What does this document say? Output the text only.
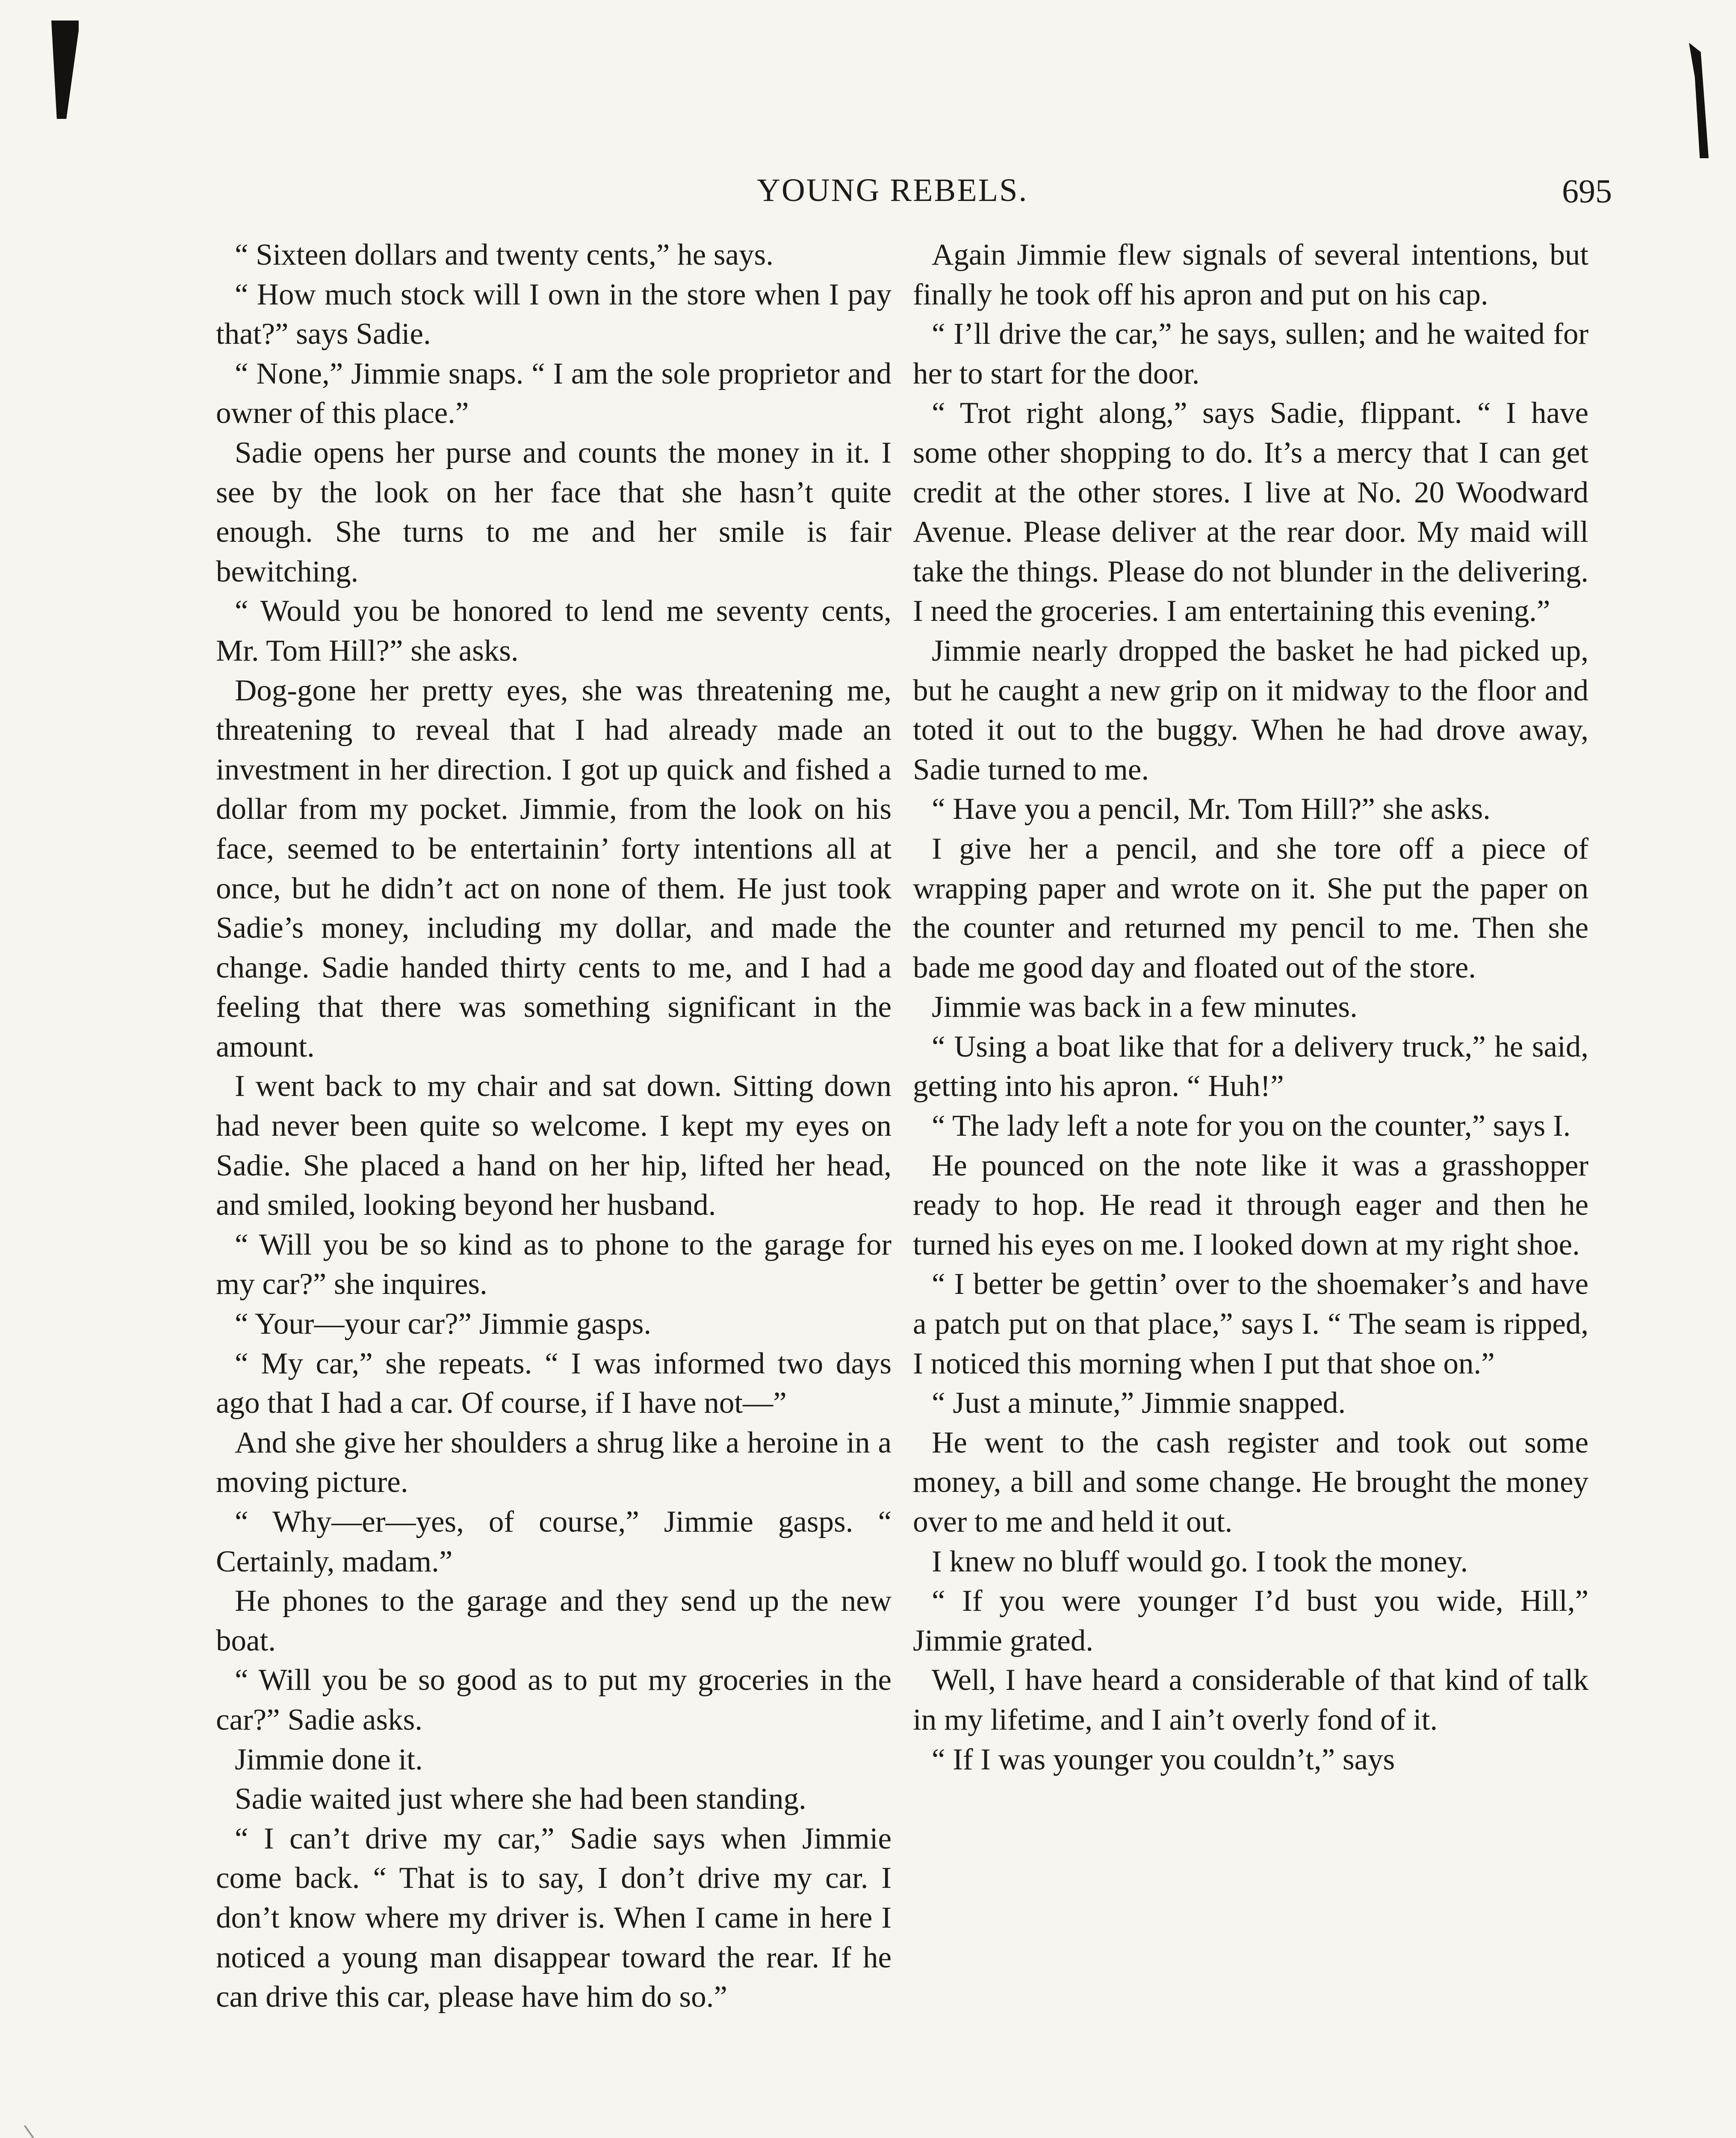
YOUNG REBELS.	695

“ Sixteen dollars and twenty cents,” he says.

“ How much stock will I own in the store when I pay that?” says Sadie.

“ None,” Jimmie snaps. “ I am the sole proprietor and owner of this place.”

Sadie opens her purse and counts the money in it. I see by the look on her face that she hasn’t quite enough. She turns to me and her smile is fair bewitching.

“ Would you be honored to lend me seventy cents, Mr. Tom Hill?” she asks.

Dog-gone her pretty eyes, she was threatening me, threatening to reveal that I had already made an investment in her direction. I got up quick and fished a dollar from my pocket. Jimmie, from the look on his face, seemed to be entertainin’ forty intentions all at once, but he didn’t act on none of them. He just took Sadie’s money, including my dollar, and made the change. Sadie handed thirty cents to me, and I had a feeling that there was something significant in the amount.

I went back to my chair and sat down. Sitting down had never been quite so welcome. I kept my eyes on Sadie. She placed a hand on her hip, lifted her head, and smiled, looking beyond her husband.

“ Will you be so kind as to phone to the garage for my car?” she inquires.

“ Your—your car?” Jimmie gasps.

“ My car,” she repeats. “ I was informed two days ago that I had a car. Of course, if I have not—”

And she give her shoulders a shrug like a heroine in a moving picture.

“ Why—er—yes, of course,” Jimmie gasps. “ Certainly, madam.”

He phones to the garage and they send up the new boat.

“ Will you be so good as to put my groceries in the car?” Sadie asks.

Jimmie done it.

Sadie waited just where she had been standing.

“ I can’t drive my car,” Sadie says when Jimmie come back. “ That is to say, I don’t drive my car. I don’t know where my driver is. When I came in here I noticed a young man disappear toward the rear. If he can drive this car, please have him do so.”

Again Jimmie flew signals of several intentions, but finally he took off his apron and put on his cap.

“ I’ll drive the car,” he says, sullen; and he waited for her to start for the door.

“ Trot right along,” says Sadie, flippant. “ I have some other shopping to do. It’s a mercy that I can get credit at the other stores. I live at No. 20 Woodward Avenue. Please deliver at the rear door. My maid will take the things. Please do not blunder in the delivering. I need the groceries. I am entertaining this evening.”

Jimmie nearly dropped the basket he had picked up, but he caught a new grip on it midway to the floor and toted it out to the buggy. When he had drove away, Sadie turned to me.

“ Have you a pencil, Mr. Tom Hill?” she asks.

I give her a pencil, and she tore off a piece of wrapping paper and wrote on it. She put the paper on the counter and returned my pencil to me. Then she bade me good day and floated out of the store.

Jimmie was back in a few minutes.

“ Using a boat like that for a delivery truck,” he said, getting into his apron. “ Huh!”

“ The lady left a note for you on the counter,” says I.

He pounced on the note like it was a grasshopper ready to hop. He read it through eager and then he turned his eyes on me. I looked down at my right shoe.

“ I better be gettin’ over to the shoemaker’s and have a patch put on that place,” says I. “ The seam is ripped, I noticed this morning when I put that shoe on.”

“ Just a minute,” Jimmie snapped.

He went to the cash register and took out some money, a bill and some change. He brought the money over to me and held it out.

I knew no bluff would go. I took the money.

“ If you were younger I’d bust you wide, Hill,” Jimmie grated.

Well, I have heard a considerable of that kind of talk in my lifetime, and I ain’t overly fond of it.

“ If I was younger you couldn’t,” says
